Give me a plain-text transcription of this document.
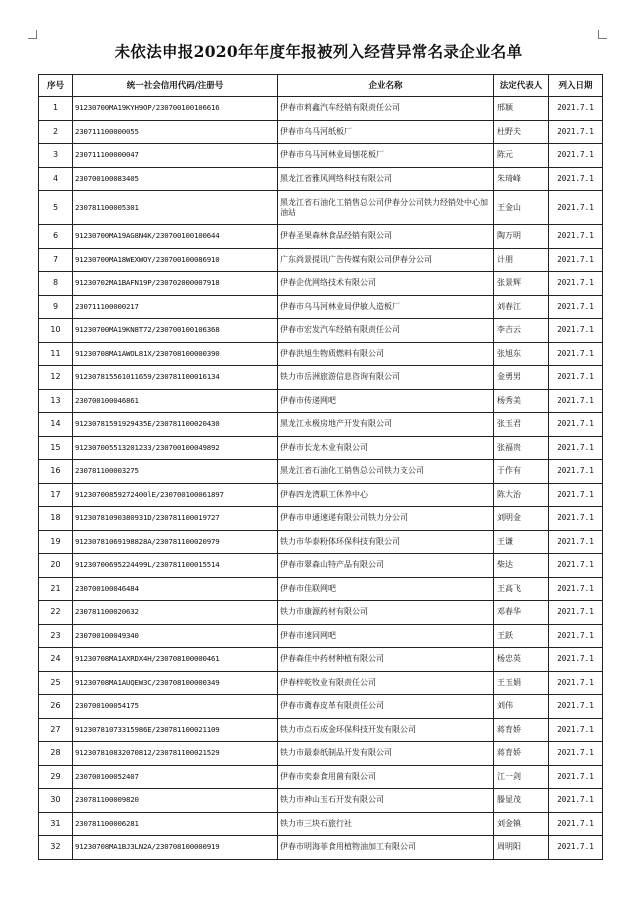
未依法申报2020年年度年报被列入经营异常名录企业名单
序号	统一社会信用代码/注册号	企业名称	法定代表人	列入日期
1	91230700MA19KYH9OP/230700100106616	伊春市莉鑫汽车经销有限责任公司	邢颖	2021.7.1
2	230711100000055	伊春市乌马河纸板厂	杜野夫	2021.7.1
3	230711100000047	伊春市乌马河林业局刨花板厂	陈元	2021.7.1
4	230700100083405	黑龙江省雅风网络科技有限公司	朱琦峰	2021.7.1
5	230781100005301	黑龙江省石油化工销售总公司伊春分公司铁力经销处中心加油站	王金山	2021.7.1
6	91230700MA19AG8N4K/230700100100644	伊春圣果森林食品经销有限公司	陶万明	2021.7.1
7	91230700MA18WEXWOY/230700100086910	广东尚景提讯广告传媒有限公司伊春分公司	计朋	2021.7.1
8	91230702MA1BAFN19P/230702000007918	伊春企优网络技术有限公司	张景辉	2021.7.1
9	230711100000217	伊春市乌马河林业局伊敏人造板厂	刘春江	2021.7.1
10	91230700MA19KN8T72/230700100106368	伊春市宏发汽车经销有限责任公司	李吉云	2021.7.1
11	91230708MA1AWOL81X/230708100000390	伊春洪旭生物质燃料有限公司	张旭东	2021.7.1
12	912307815561011659/230781100016134	铁力市岳洲旅游信息咨询有限公司	金勇男	2021.7.1
13	230700100046861	伊春市传递网吧	杨秀美	2021.7.1
14	91230781591929435E/230781100020430	黑龙江永极房地产开发有限公司	张玉君	2021.7.1
15	91230700551320123З/230700100049892	伊春市长龙木业有限公司	张福贵	2021.7.1
16	230781100003275	黑龙江省石油化工销售总公司铁力支公司	于作有	2021.7.1
17	91230700859272400lE/230700100061897	伊春四龙湾职工休养中心	陈大治	2021.7.1
18	912307810903809З1D/230781100019727	伊春市申通速递有限公司铁力分公司	刘明金	2021.7.1
19	91230781069198828A/230781100020979	铁力市华泰粉体环保科技有限公司	王谦	2021.7.1
20	91230700695224499L/230781100015514	伊春市翠森山特产品有限公司	柴达	2021.7.1
21	230700100046484	伊春市佳联网吧	王高飞	2021.7.1
22	230781100020632	铁力市康源药材有限公司	邓春华	2021.7.1
23	230700100049340	伊春市速同网吧	王跃	2021.7.1
24	91230708MA1AXRDX4H/230708100000461	伊春森佳中药材种植有限公司	杨忠英	2021.7.1
25	91230708MA1AUQEW3C/230708100000349	伊春梓乾牧业有限责任公司	王玉娟	2021.7.1
26	230700100054175	伊春市冀春皮革有限责任公司	刘伟	2021.7.1
27	91230781073315986E/230781100021109	铁力市点石成金环保科技开发有限公司	蒋育娇	2021.7.1
28	912307810832070812/230781100021529	铁力市最泰纸制品开发有限公司	蒋育娇	2021.7.1
29	230700100052407	伊春市奕泰食用菌有限公司	江一剑	2021.7.1
30	230781100009820	铁力市神山玉石开发有限公司	滕显茂	2021.7.1
31	230781100006281	铁力市三块石旅行社	刘金镇	2021.7.1
32	91230708MA1BJ3LN2A/230708100000919	伊春市明海菲食用植物油加工有限公司	周明阳	2021.7.1
